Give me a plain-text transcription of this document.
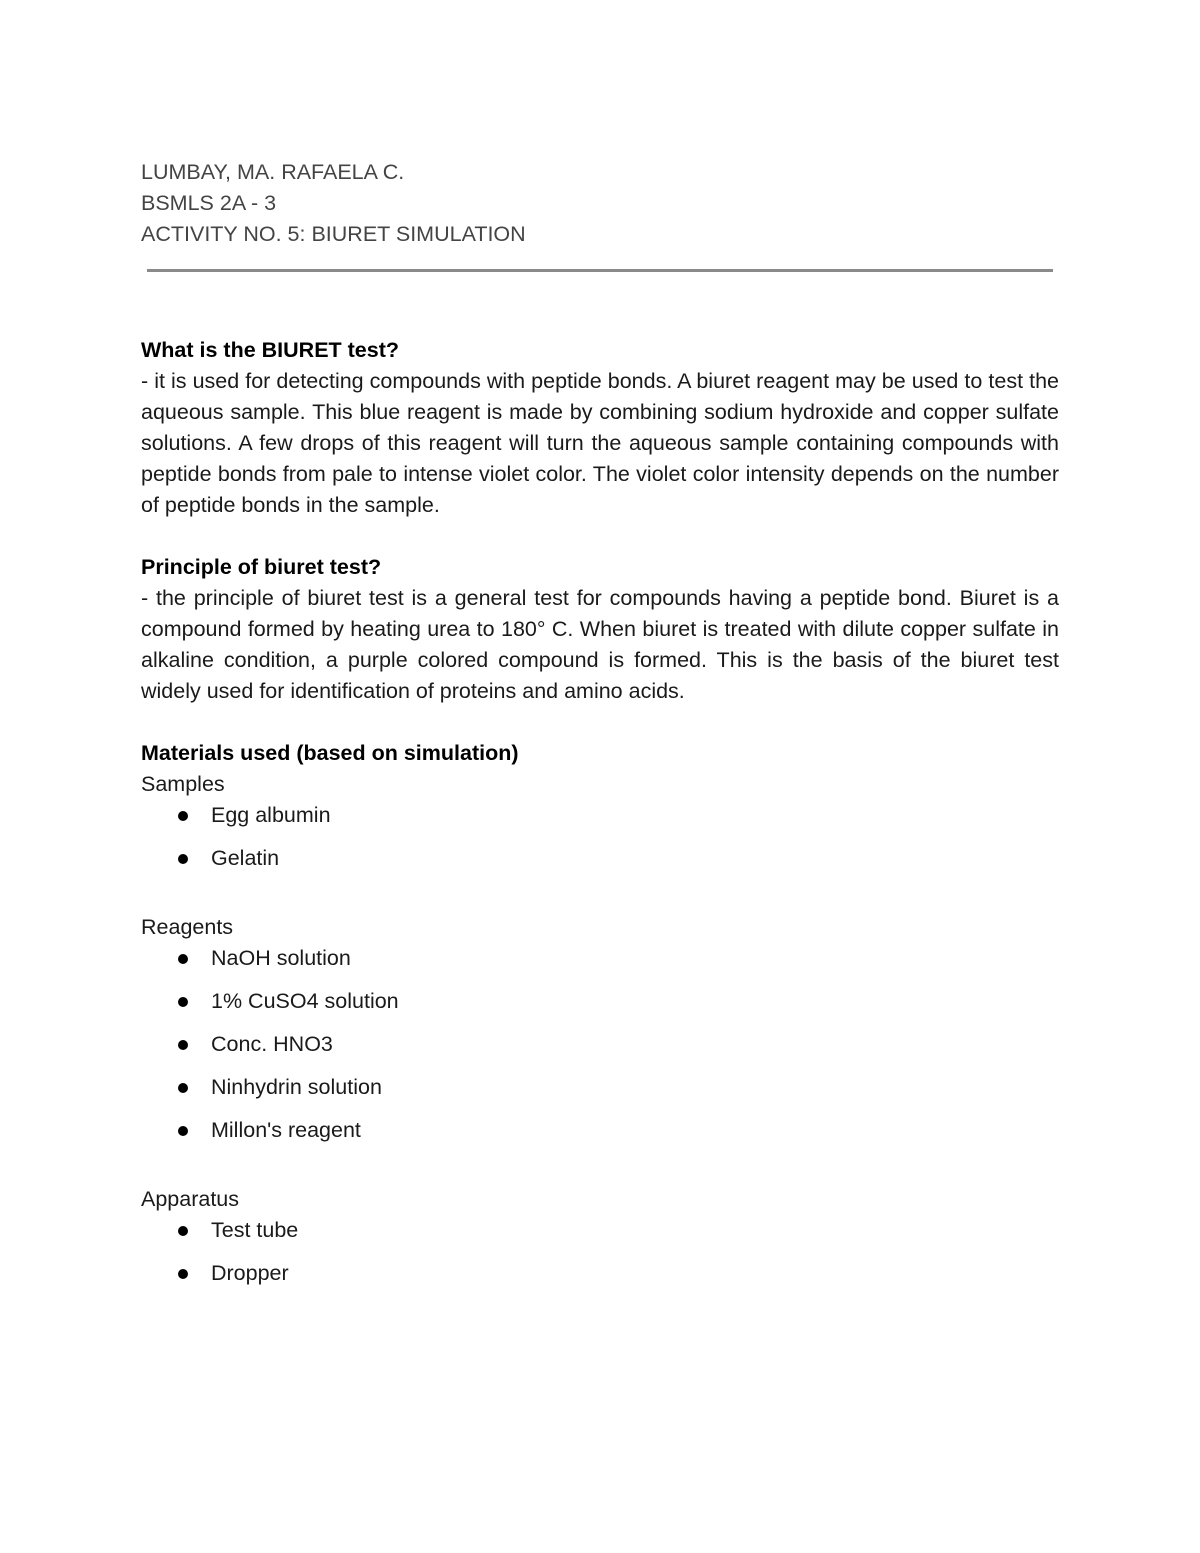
LUMBAY, MA. RAFAELA C.

BSMLS 2A - 3

ACTIVITY NO. 5: BIURET SIMULATION

What is the BIURET test?

- it is used for detecting compounds with peptide bonds. A biuret reagent may be used to test the aqueous sample. This blue reagent is made by combining sodium hydroxide and copper sulfate solutions. A few drops of this reagent will turn the aqueous sample containing compounds with peptide bonds from pale to intense violet color. The violet color intensity depends on the number of peptide bonds in the sample.

Principle of biuret test?

- the principle of biuret test is a general test for compounds having a peptide bond. Biuret is a compound formed by heating urea to 180° C. When biuret is treated with dilute copper sulfate in alkaline condition, a purple colored compound is formed. This is the basis of the biuret test widely used for identification of proteins and amino acids.

Materials used (based on simulation)

Samples

Egg albumin
Gelatin

Reagents

NaOH solution
1% CuSO4 solution
Conc. HNO3
Ninhydrin solution
Millon's reagent

Apparatus

Test tube
Dropper
